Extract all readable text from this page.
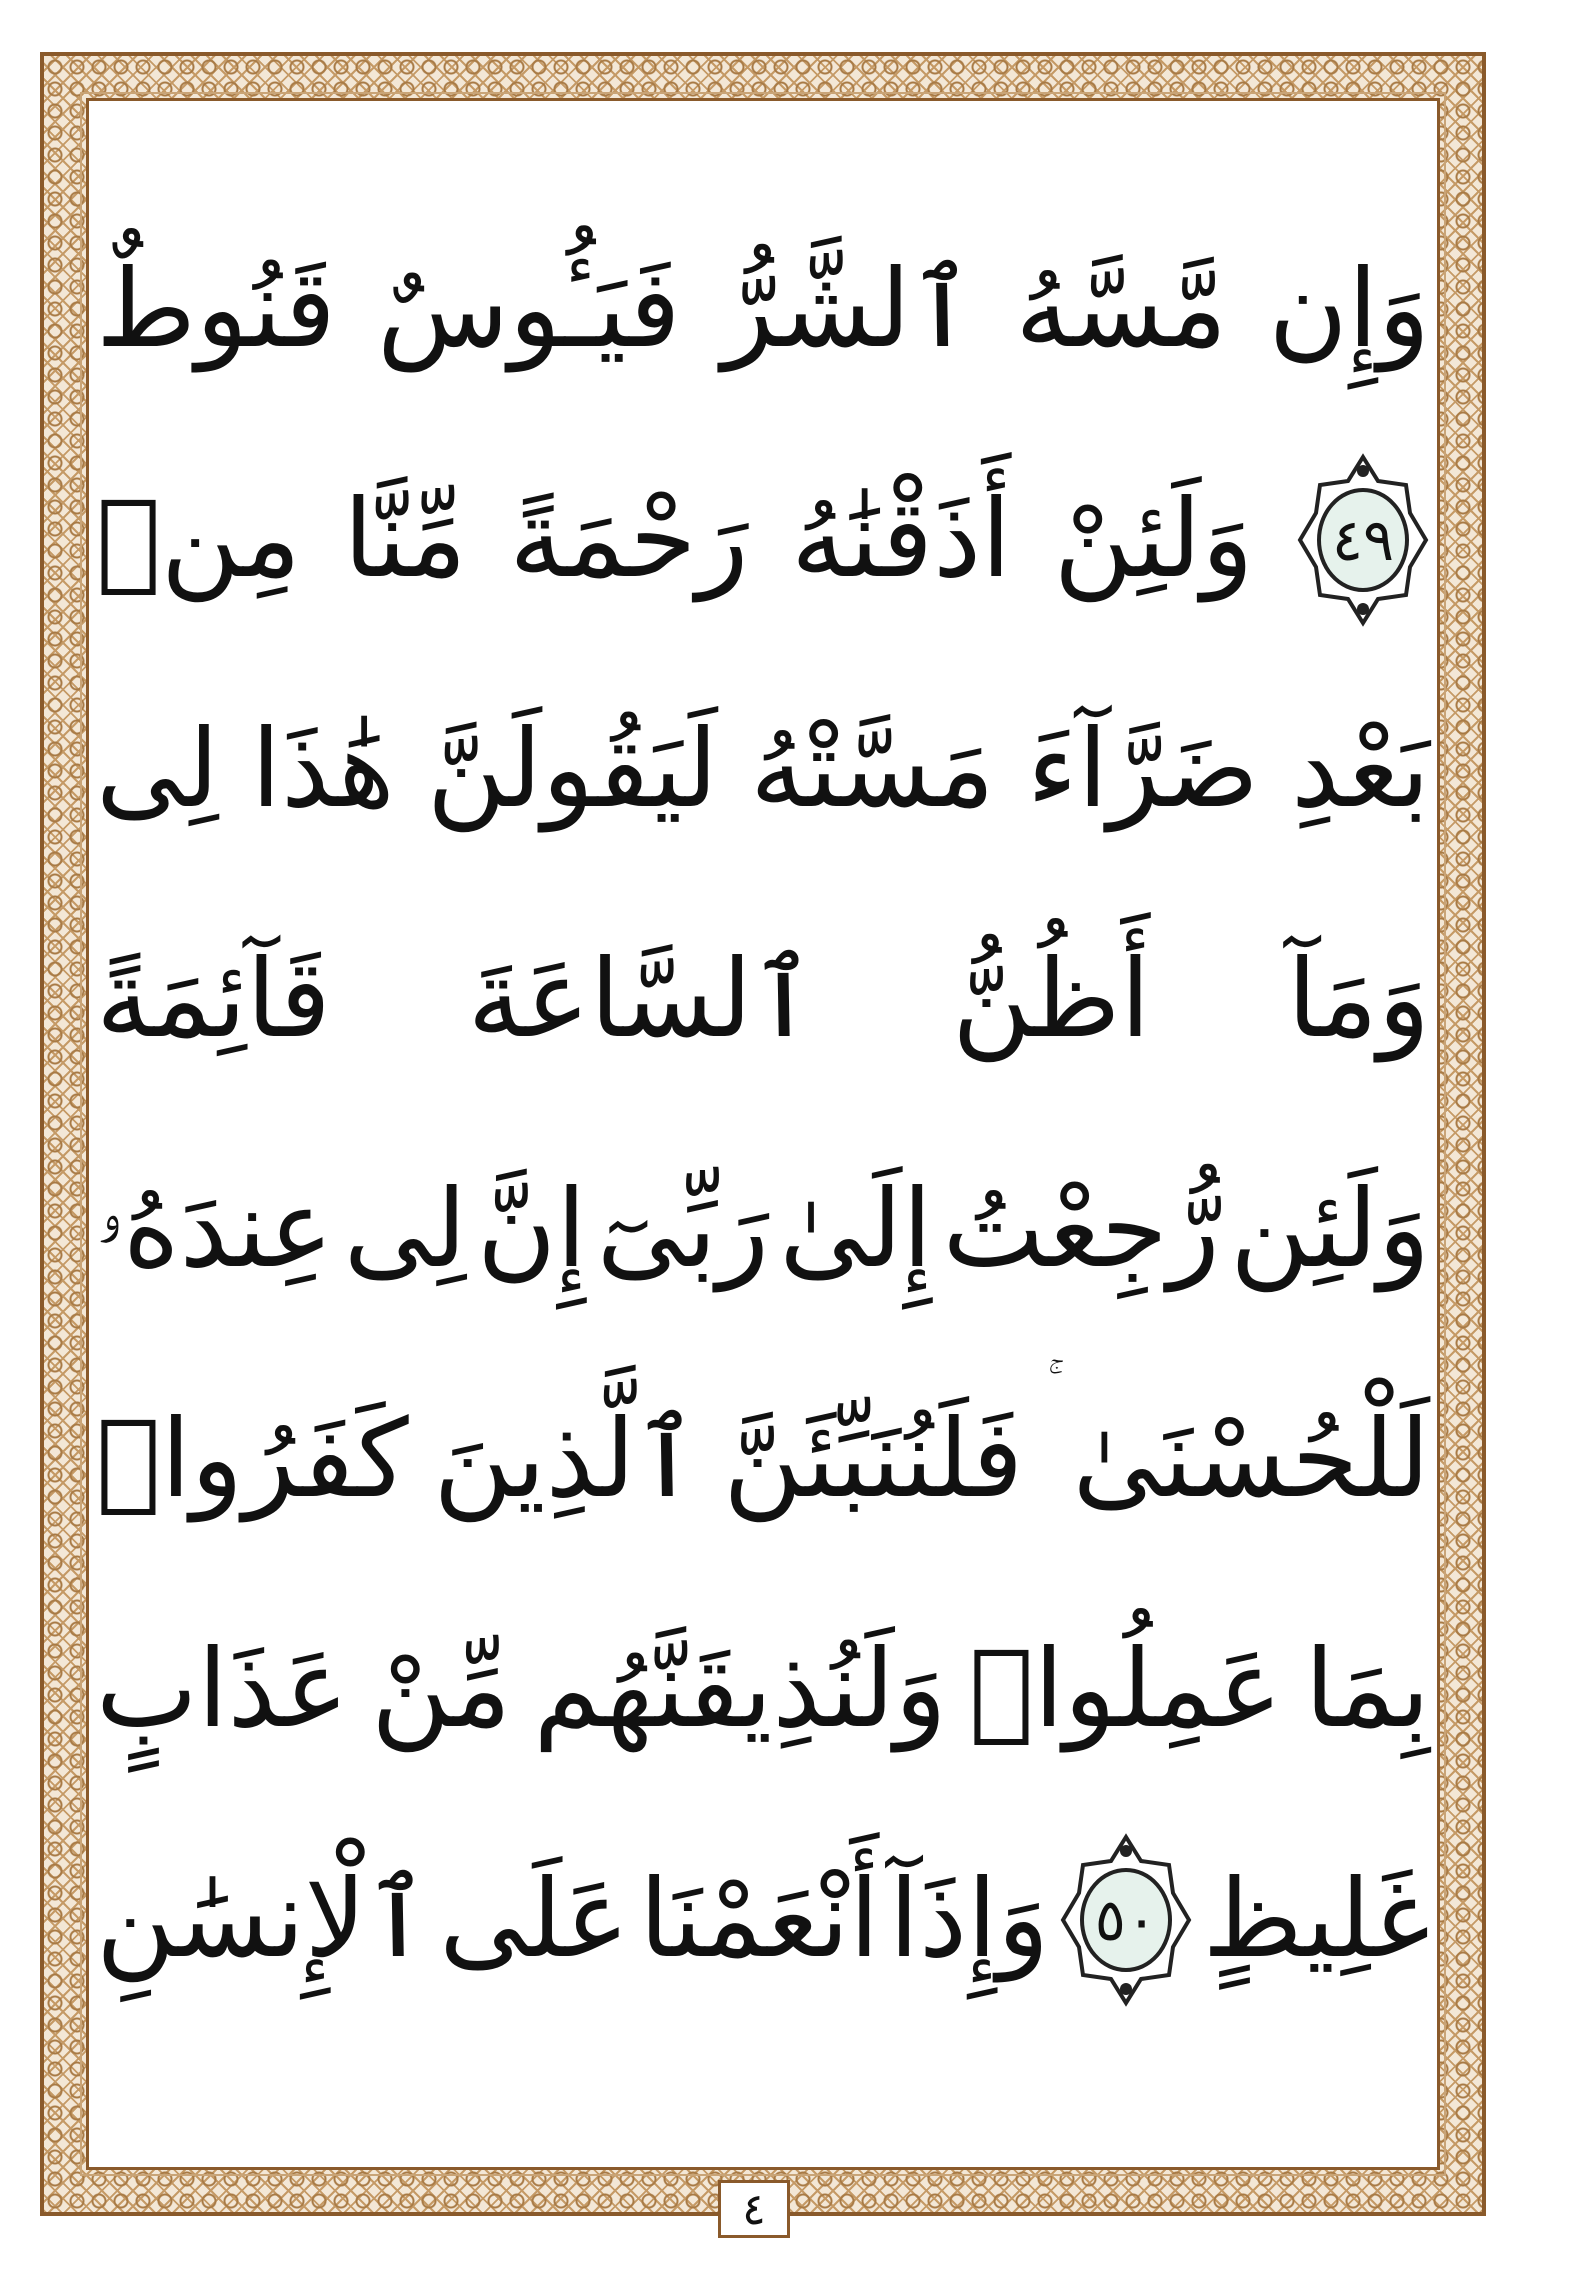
وَإِن
مَّسَّهُ
ٱلشَّرُّ
فَيَـُٔوسٌ
قَنُوطٌ
٤٩
وَلَئِنْ
أَذَقْنَٰهُ
رَحْمَةً
مِّنَّا
مِنۢ
بَعْدِ
ضَرَّآءَ
مَسَّتْهُ
لَيَقُولَنَّ
هَٰذَا
لِى
وَمَآ
أَظُنُّ
ٱلسَّاعَةَ
قَآئِمَةً
وَلَئِن
رُّجِعْتُ
إِلَىٰ
رَبِّىٓ
إِنَّ
لِى
عِندَهُۥ
لَلْحُسْنَىٰ
فَلَنُنَبِّئَنَّ
ٱلَّذِينَ
كَفَرُوا۟
بِمَا
عَمِلُوا۟
وَلَنُذِيقَنَّهُم
مِّنْ
عَذَابٍ
غَلِيظٍ
٥٠
وَإِذَآ
أَنْعَمْنَا
عَلَى
ٱلْإِنسَٰنِ
٤
